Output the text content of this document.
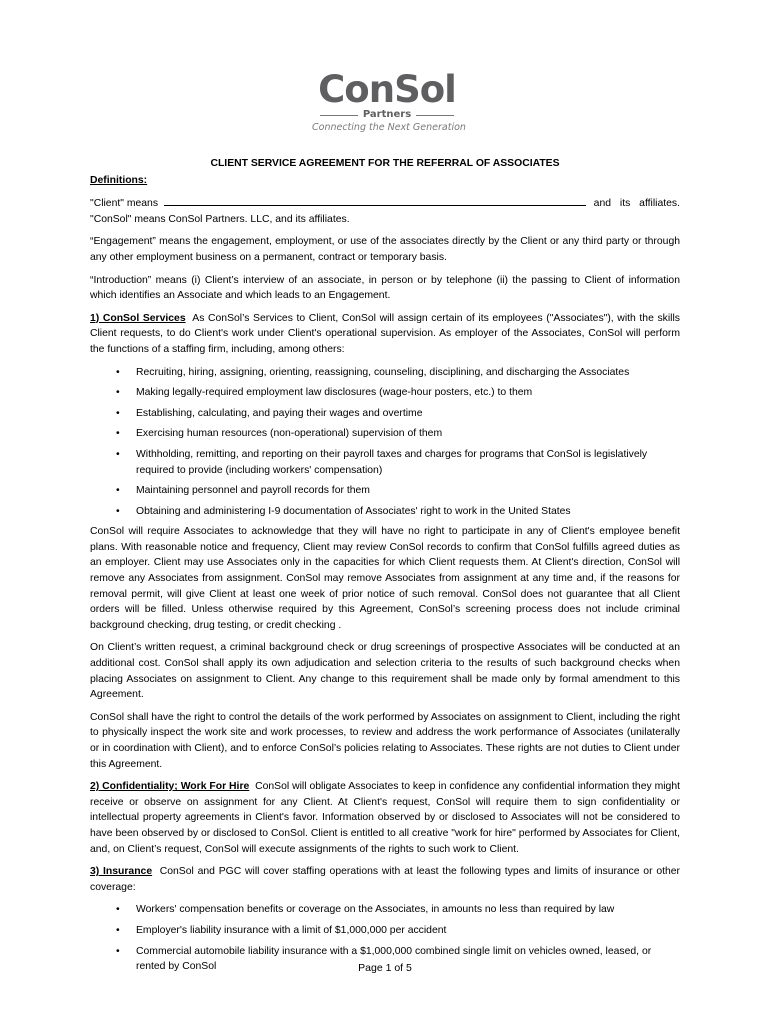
ConSol
Partners
Connecting the Next Generation
CLIENT SERVICE AGREEMENT FOR THE REFERRAL OF ASSOCIATES
Definitions:
"Client" means	and its affiliates.
"ConSol" means ConSol Partners. LLC, and its affiliates.
“Engagement” means the engagement, employment, or use of the associates directly by the Client or any third party or through any other employment business on a permanent, contract or temporary basis.
“Introduction” means (i) Client’s interview of an associate, in person or by telephone (ii) the passing to Client of information which identifies an Associate and which leads to an Engagement.
1) ConSol Services As ConSol’s Services to Client, ConSol will assign certain of its employees ("Associates"), with the skills Client requests, to do Client's work under Client's operational supervision. As employer of the Associates, ConSol will perform the functions of a staffing firm, including, among others:
• Recruiting, hiring, assigning, orienting, reassigning, counseling, disciplining, and discharging the Associates
• Making legally-required employment law disclosures (wage-hour posters, etc.) to them
• Establishing, calculating, and paying their wages and overtime
• Exercising human resources (non-operational) supervision of them
• Withholding, remitting, and reporting on their payroll taxes and charges for programs that ConSol is legislatively required to provide (including workers' compensation)
• Maintaining personnel and payroll records for them
• Obtaining and administering I-9 documentation of Associates' right to work in the United States
ConSol will require Associates to acknowledge that they will have no right to participate in any of Client's employee benefit plans. With reasonable notice and frequency, Client may review ConSol records to confirm that ConSol fulfills agreed duties as an employer. Client may use Associates only in the capacities for which Client requests them. At Client's direction, ConSol will remove any Associates from assignment. ConSol may remove Associates from assignment at any time and, if the reasons for removal permit, will give Client at least one week of prior notice of such removal. ConSol does not guarantee that all Client orders will be filled. Unless otherwise required by this Agreement, ConSol’s screening process does not include criminal background checking, drug testing, or credit checking .
On Client’s written request, a criminal background check or drug screenings of prospective Associates will be conducted at an additional cost. ConSol shall apply its own adjudication and selection criteria to the results of such background checks when placing Associates on assignment to Client. Any change to this requirement shall be made only by formal amendment to this Agreement.
ConSol shall have the right to control the details of the work performed by Associates on assignment to Client, including the right to physically inspect the work site and work processes, to review and address the work performance of Associates (unilaterally or in coordination with Client), and to enforce ConSol’s policies relating to Associates. These rights are not duties to Client under this Agreement.
2) Confidentiality; Work For Hire ConSol will obligate Associates to keep in confidence any confidential information they might receive or observe on assignment for any Client. At Client's request, ConSol will require them to sign confidentiality or intellectual property agreements in Client's favor. Information observed by or disclosed to Associates will not be considered to have been observed by or disclosed to ConSol. Client is entitled to all creative "work for hire" performed by Associates for Client, and, on Client’s request, ConSol will execute assignments of the rights to such work to Client.
3) Insurance ConSol and PGC will cover staffing operations with at least the following types and limits of insurance or other coverage:
• Workers' compensation benefits or coverage on the Associates, in amounts no less than required by law
• Employer's liability insurance with a limit of $1,000,000 per accident
• Commercial automobile liability insurance with a $1,000,000 combined single limit on vehicles owned, leased, or rented by ConSol	Page 1 of 5
